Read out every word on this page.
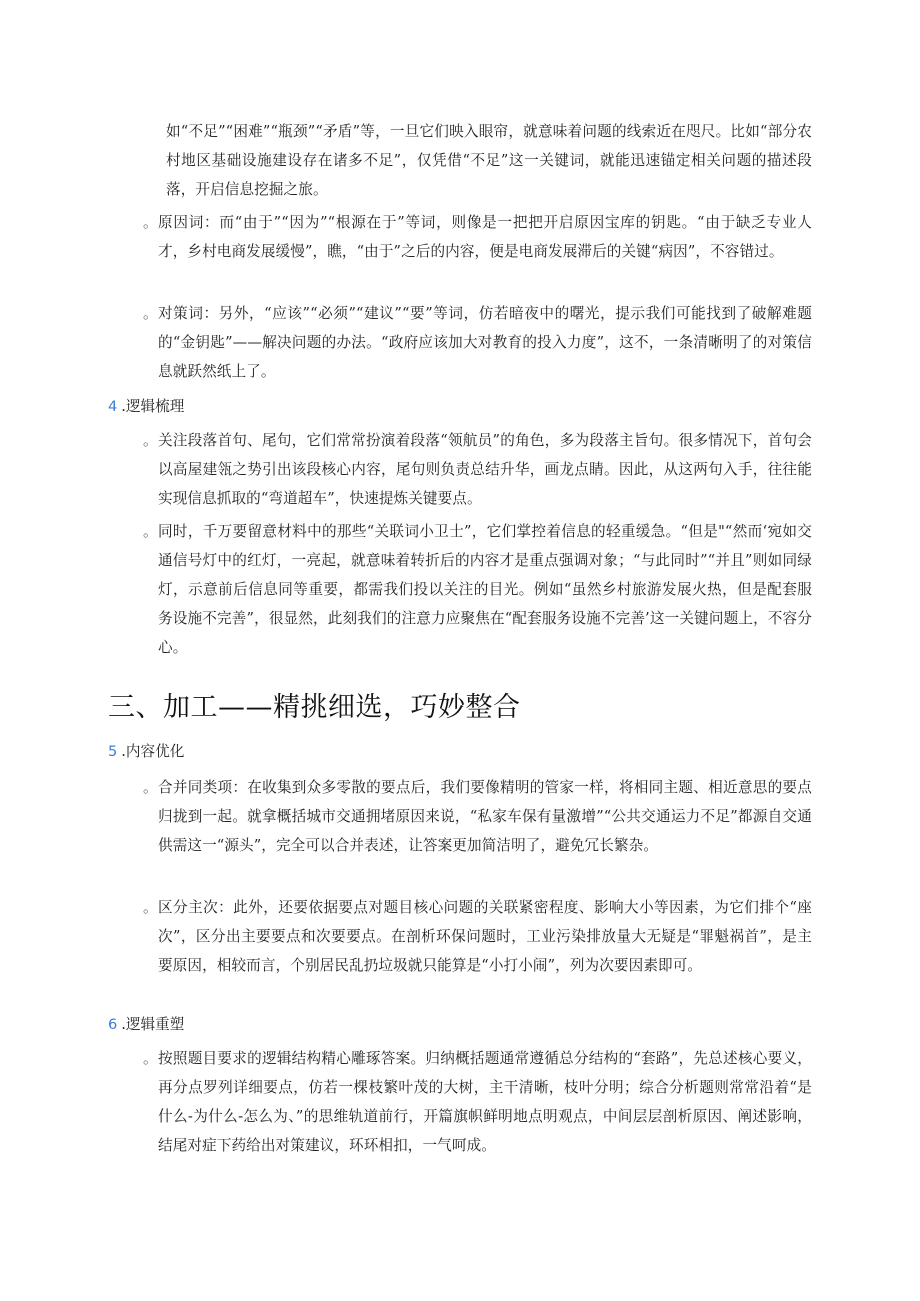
如“不足”“困难”“瓶颈”“矛盾”等，一旦它们映入眼帘，就意味着问题的线索近在咫尺。比如“部分农村地区基础设施建设存在诸多不足”，仅凭借“不足”这一关键词，就能迅速锚定相关问题的描述段落，开启信息挖掘之旅。

。 原因词：而“由于”“因为”“根源在于”等词，则像是一把把开启原因宝库的钥匙。“由于缺乏专业人才，乡村电商发展缓慢”，瞧，“由于”之后的内容，便是电商发展滞后的关键“病因”，不容错过。

。 对策词：另外，“应该”“必须”“建议”“要”等词，仿若暗夜中的曙光，提示我们可能找到了破解难题的“金钥匙”——解决问题的办法。“政府应该加大对教育的投入力度”，这不，一条清晰明了的对策信息就跃然纸上了。

4 .逻辑梳理
。 关注段落首句、尾句，它们常常扮演着段落“领航员”的角色，多为段落主旨句。很多情况下，首句会以高屋建瓴之势引出该段核心内容，尾句则负责总结升华，画龙点睛。因此，从这两句入手，往往能实现信息抓取的“弯道超车”，快速提炼关键要点。

。 同时，千万要留意材料中的那些“关联词小卫士”，它们掌控着信息的轻重缓急。“但是"“然而‘宛如交通信号灯中的红灯，一亮起，就意味着转折后的内容才是重点强调对象；“与此同时”“并且”则如同绿灯，示意前后信息同等重要，都需我们投以关注的目光。例如“虽然乡村旅游发展火热，但是配套服务设施不完善”，很显然，此刻我们的注意力应聚焦在“配套服务设施不完善’这一关键问题上，不容分心。

三、加工——精挑细选，巧妙整合
5 .内容优化
。 合并同类项：在收集到众多零散的要点后，我们要像精明的管家一样，将相同主题、相近意思的要点归拢到一起。就拿概括城市交通拥堵原因来说，“私家车保有量激增”“公共交通运力不足”都源自交通供需这一“源头”，完全可以合并表述，让答案更加简洁明了，避免冗长繁杂。

。 区分主次：此外，还要依据要点对题目核心问题的关联紧密程度、影响大小等因素，为它们排个“座次”，区分出主要要点和次要要点。在剖析环保问题时，工业污染排放量大无疑是“罪魁祸首”，是主要原因，相较而言，个别居民乱扔垃圾就只能算是“小打小闹”，列为次要因素即可。

6 .逻辑重塑
。 按照题目要求的逻辑结构精心雕琢答案。归纳概括题通常遵循总分结构的“套路”，先总述核心要义，再分点罗列详细要点，仿若一棵枝繁叶茂的大树，主干清晰，枝叶分明；综合分析题则常常沿着“是什么-为什么-怎么为、”的思维轨道前行，开篇旗帜鲜明地点明观点，中间层层剖析原因、阐述影响，结尾对症下药给出对策建议，环环相扣，一气呵成。
